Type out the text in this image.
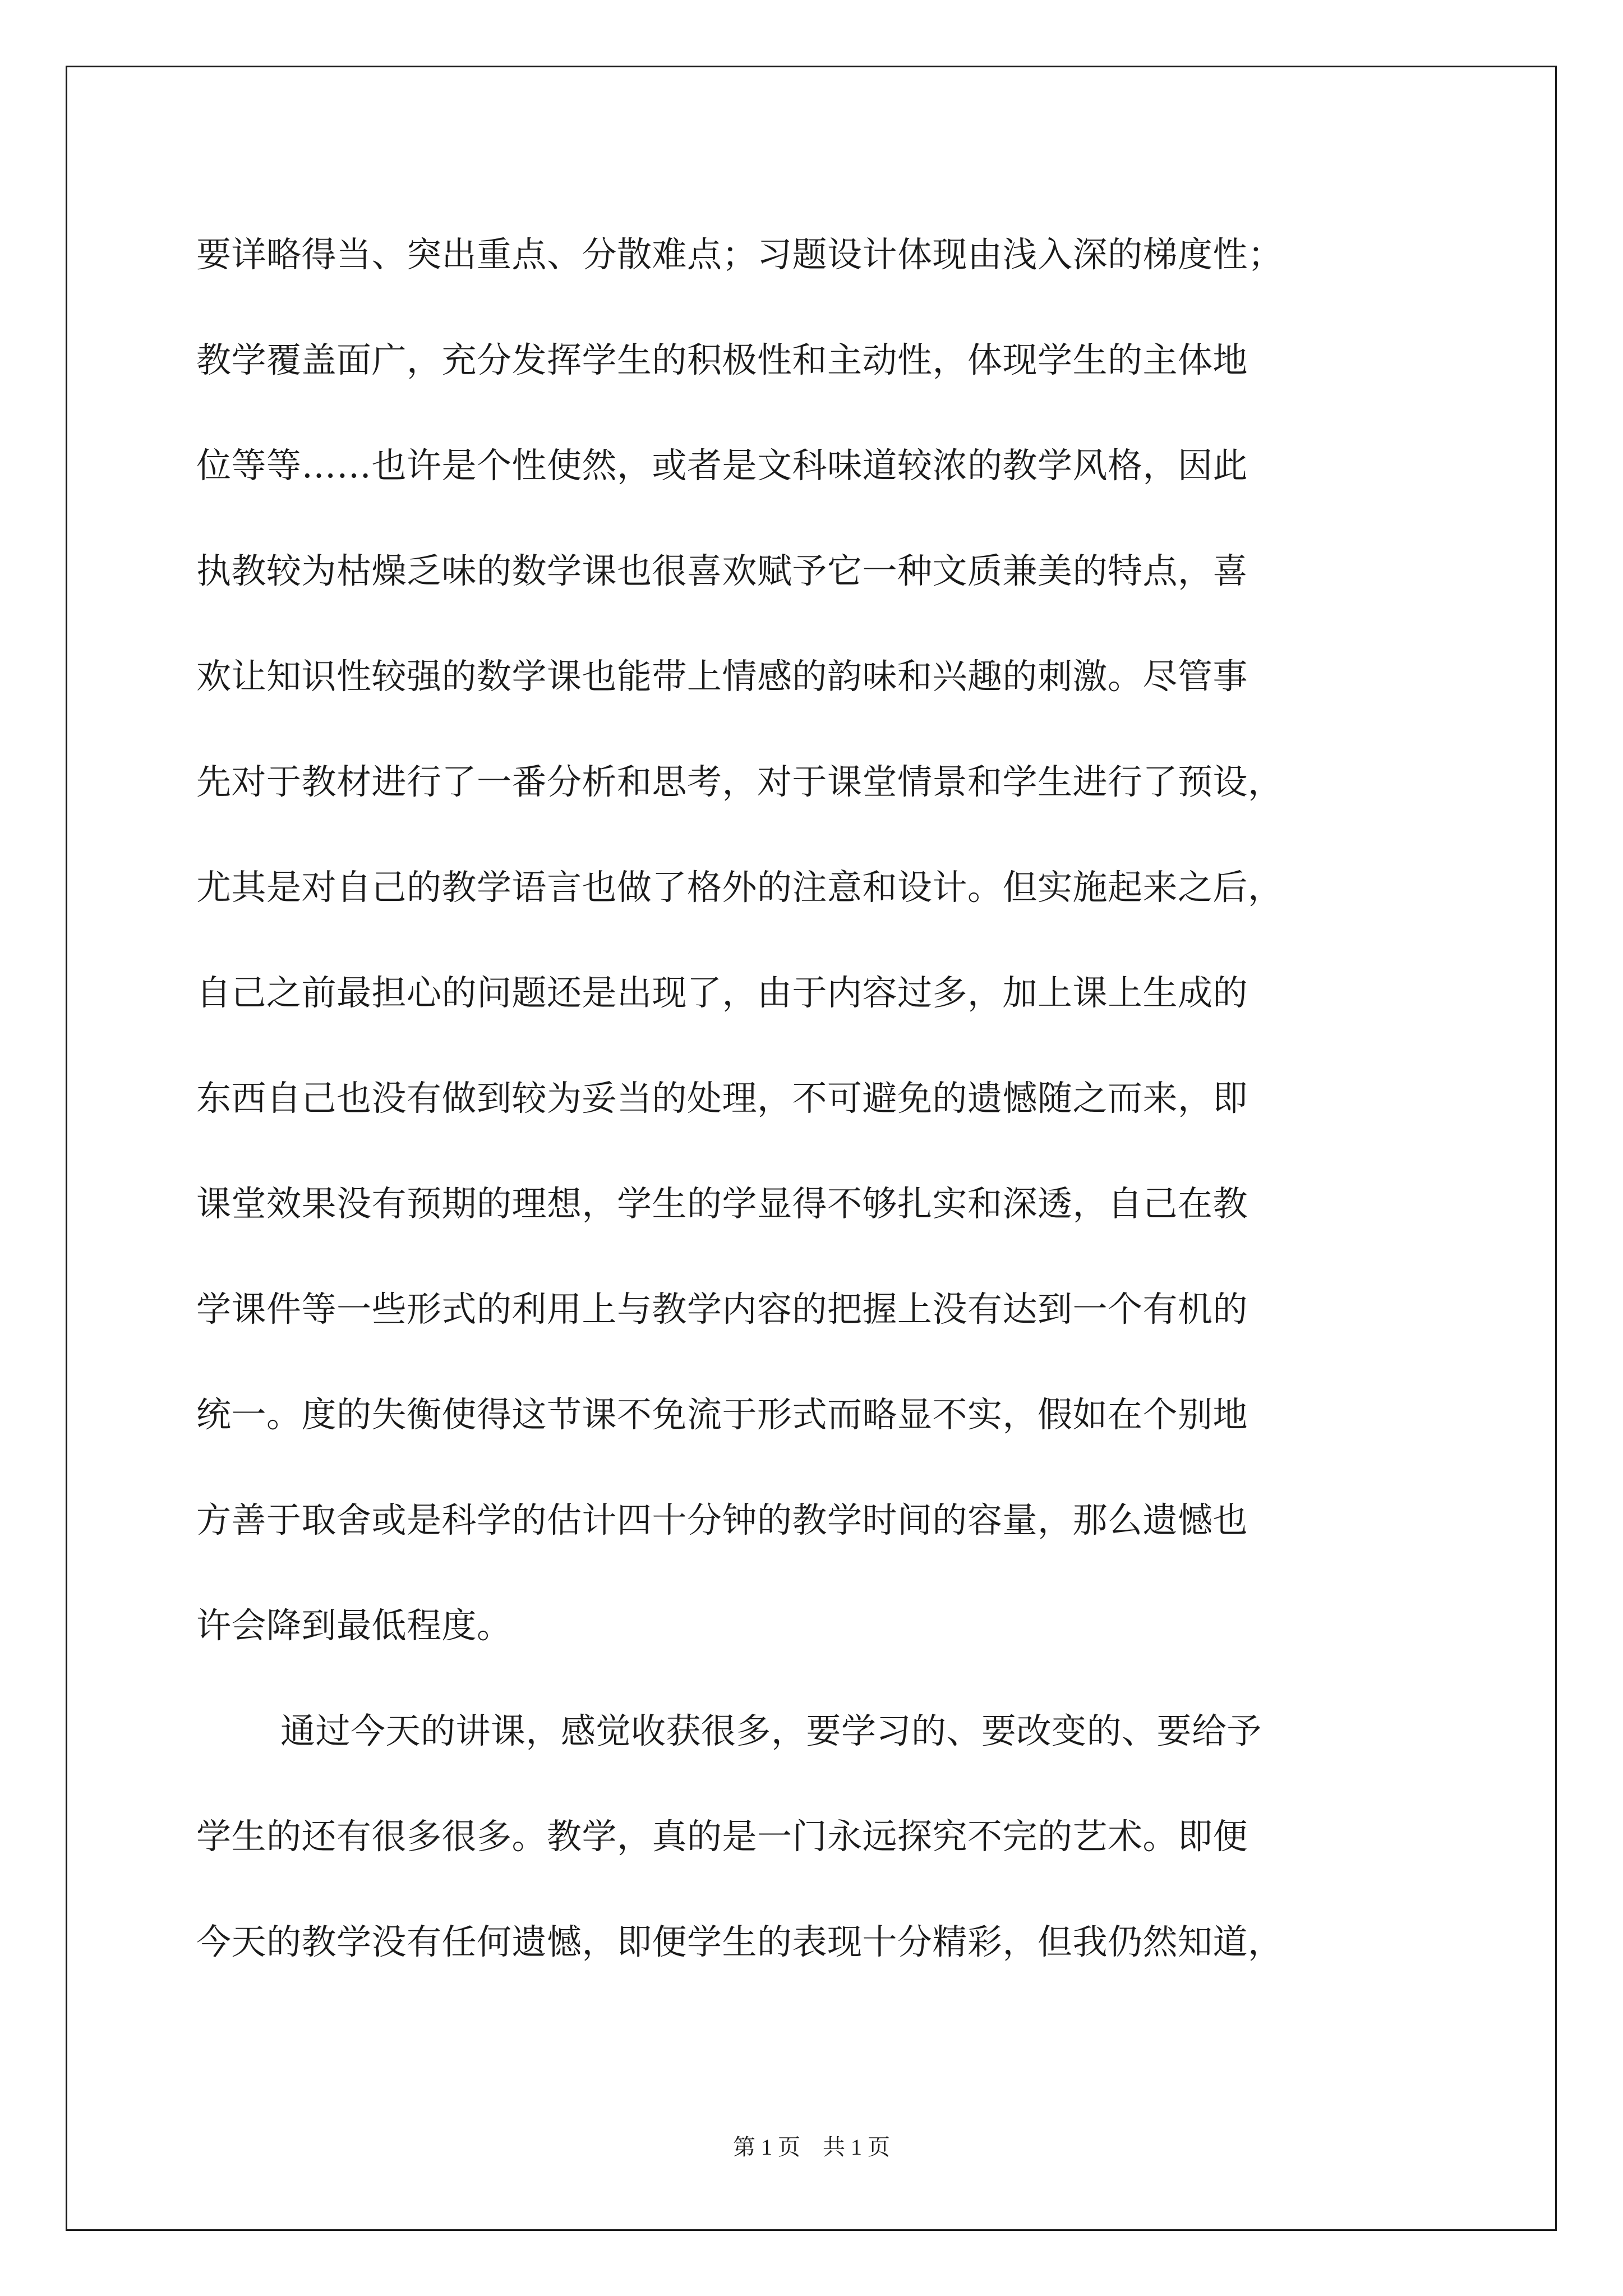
要详略得当、突出重点、分散难点；习题设计体现由浅入深的梯度性；
教学覆盖面广，充分发挥学生的积极性和主动性，体现学生的主体地
位等等……也许是个性使然，或者是文科味道较浓的教学风格，因此
执教较为枯燥乏味的数学课也很喜欢赋予它一种文质兼美的特点，喜
欢让知识性较强的数学课也能带上情感的韵味和兴趣的刺激。尽管事
先对于教材进行了一番分析和思考，对于课堂情景和学生进行了预设，
尤其是对自己的教学语言也做了格外的注意和设计。但实施起来之后，
自己之前最担心的问题还是出现了，由于内容过多，加上课上生成的
东西自己也没有做到较为妥当的处理，不可避免的遗憾随之而来，即
课堂效果没有预期的理想，学生的学显得不够扎实和深透，自己在教
学课件等一些形式的利用上与教学内容的把握上没有达到一个有机的
统一。度的失衡使得这节课不免流于形式而略显不实，假如在个别地
方善于取舍或是科学的估计四十分钟的教学时间的容量，那么遗憾也
许会降到最低程度。
通过今天的讲课，感觉收获很多，要学习的、要改变的、要给予
学生的还有很多很多。教学，真的是一门永远探究不完的艺术。即便
今天的教学没有任何遗憾，即便学生的表现十分精彩，但我仍然知道，
第 1 页　共 1 页
